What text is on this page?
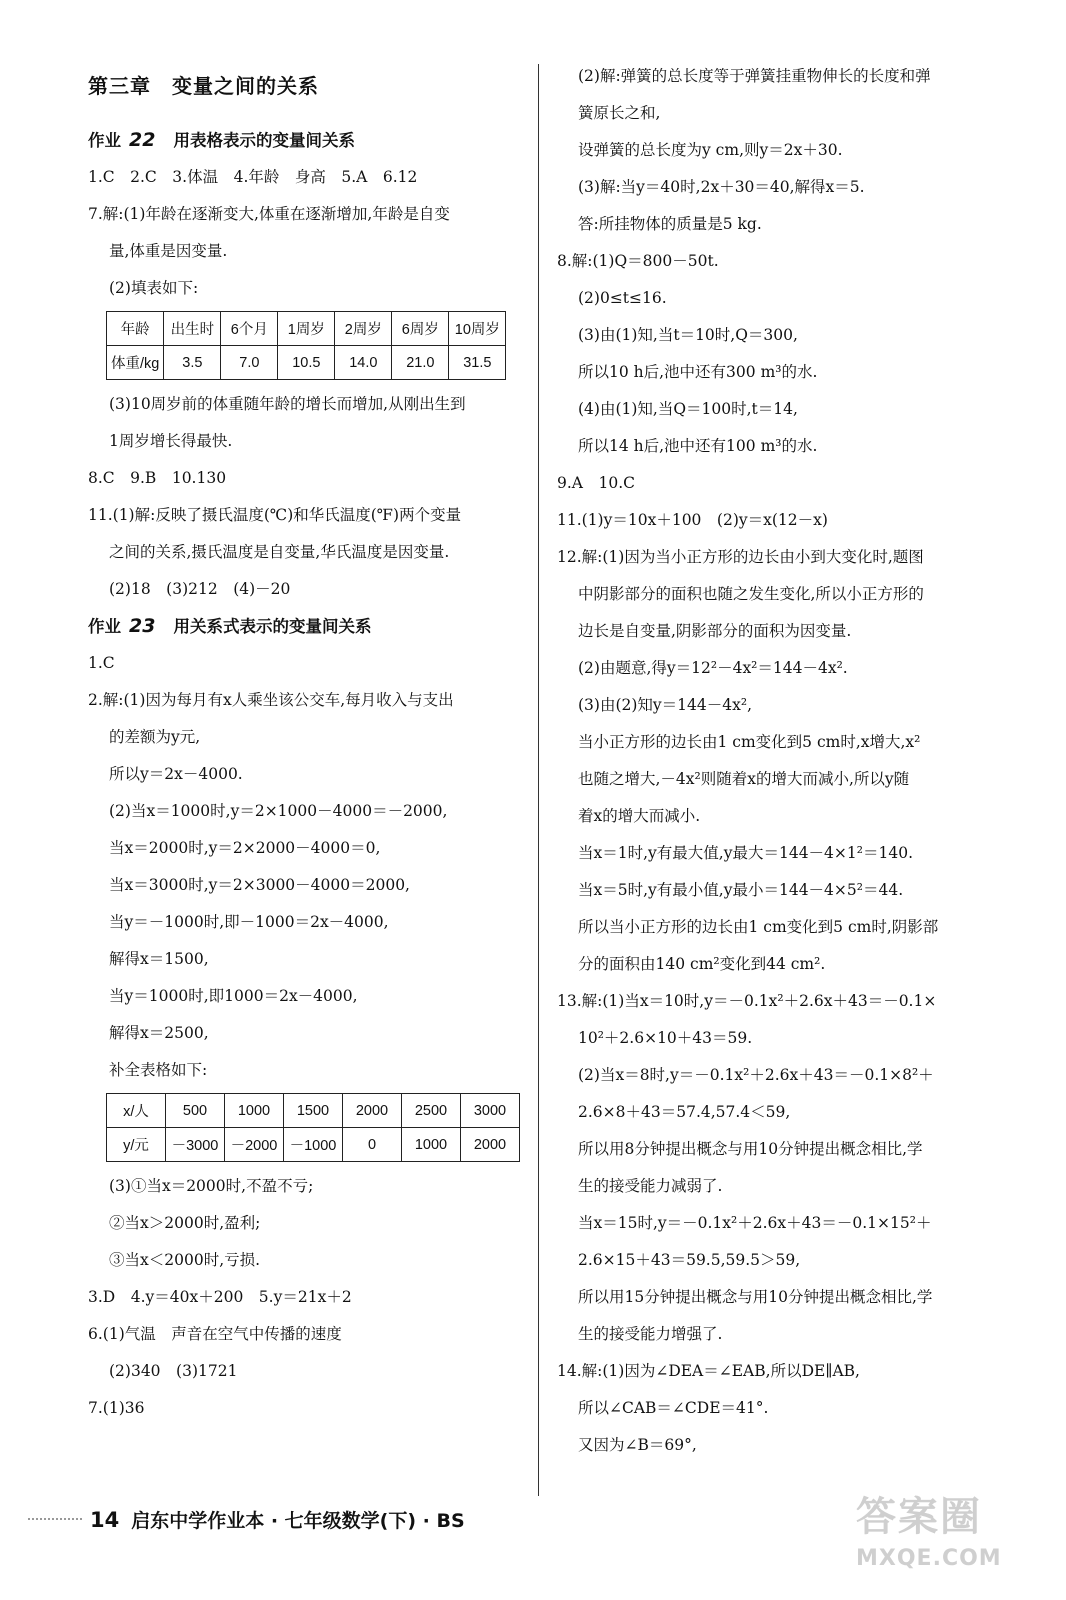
第三章　变量之间的关系
作业 22 用表格表示的变量间关系
1.C　2.C　3.体温　4.年龄　身高　5.A　6.12
7.解:(1)年龄在逐渐变大,体重在逐渐增加,年龄是自变
量,体重是因变量.
(2)填表如下:
年龄	出生时	6个月	1周岁	2周岁	6周岁	10周岁
体重/kg	3.5	7.0	10.5	14.0	21.0	31.5
(3)10周岁前的体重随年龄的增长而增加,从刚出生到
1周岁增长得最快.
8.C　9.B　10.130
11.(1)解:反映了摄氏温度(℃)和华氏温度(℉)两个变量
之间的关系,摄氏温度是自变量,华氏温度是因变量.
(2)18　(3)212　(4)－20
作业 23 用关系式表示的变量间关系
1.C
2.解:(1)因为每月有x人乘坐该公交车,每月收入与支出
的差额为y元,
所以y＝2x－4000.
(2)当x＝1000时,y＝2×1000－4000＝－2000,
当x＝2000时,y＝2×2000－4000＝0,
当x＝3000时,y＝2×3000－4000＝2000,
当y＝－1000时,即－1000＝2x－4000,
解得x＝1500,
当y＝1000时,即1000＝2x－4000,
解得x＝2500,
补全表格如下:
x/人	500	1000	1500	2000	2500	3000
y/元	－3000	－2000	－1000	0	1000	2000
(3)①当x＝2000时,不盈不亏;
②当x＞2000时,盈利;
③当x＜2000时,亏损.
3.D　4.y＝40x＋200　5.y＝21x＋2
6.(1)气温　声音在空气中传播的速度
(2)340　(3)1721
7.(1)36
(2)解:弹簧的总长度等于弹簧挂重物伸长的长度和弹
簧原长之和,
设弹簧的总长度为y cm,则y＝2x＋30.
(3)解:当y＝40时,2x＋30＝40,解得x＝5.
答:所挂物体的质量是5 kg.
8.解:(1)Q＝800－50t.
(2)0≤t≤16.
(3)由(1)知,当t＝10时,Q＝300,
所以10 h后,池中还有300 m³的水.
(4)由(1)知,当Q＝100时,t＝14,
所以14 h后,池中还有100 m³的水.
9.A　10.C
11.(1)y＝10x＋100　(2)y＝x(12－x)
12.解:(1)因为当小正方形的边长由小到大变化时,题图
中阴影部分的面积也随之发生变化,所以小正方形的
边长是自变量,阴影部分的面积为因变量.
(2)由题意,得y＝12²－4x²＝144－4x².
(3)由(2)知y＝144－4x²,
当小正方形的边长由1 cm变化到5 cm时,x增大,x²
也随之增大,－4x²则随着x的增大而减小,所以y随
着x的增大而减小.
当x＝1时,y有最大值,y最大＝144－4×1²＝140.
当x＝5时,y有最小值,y最小＝144－4×5²＝44.
所以当小正方形的边长由1 cm变化到5 cm时,阴影部
分的面积由140 cm²变化到44 cm².
13.解:(1)当x＝10时,y＝－0.1x²＋2.6x＋43＝－0.1×
10²＋2.6×10＋43＝59.
(2)当x＝8时,y＝－0.1x²＋2.6x＋43＝－0.1×8²＋
2.6×8＋43＝57.4,57.4＜59,
所以用8分钟提出概念与用10分钟提出概念相比,学
生的接受能力减弱了.
当x＝15时,y＝－0.1x²＋2.6x＋43＝－0.1×15²＋
2.6×15＋43＝59.5,59.5＞59,
所以用15分钟提出概念与用10分钟提出概念相比,学
生的接受能力增强了.
14.解:(1)因为∠DEA＝∠EAB,所以DE∥AB,
所以∠CAB＝∠CDE＝41°.
又因为∠B＝69°,
14 启东中学作业本 · 七年级数学(下) · BS	答案圈
MXQE.COM
